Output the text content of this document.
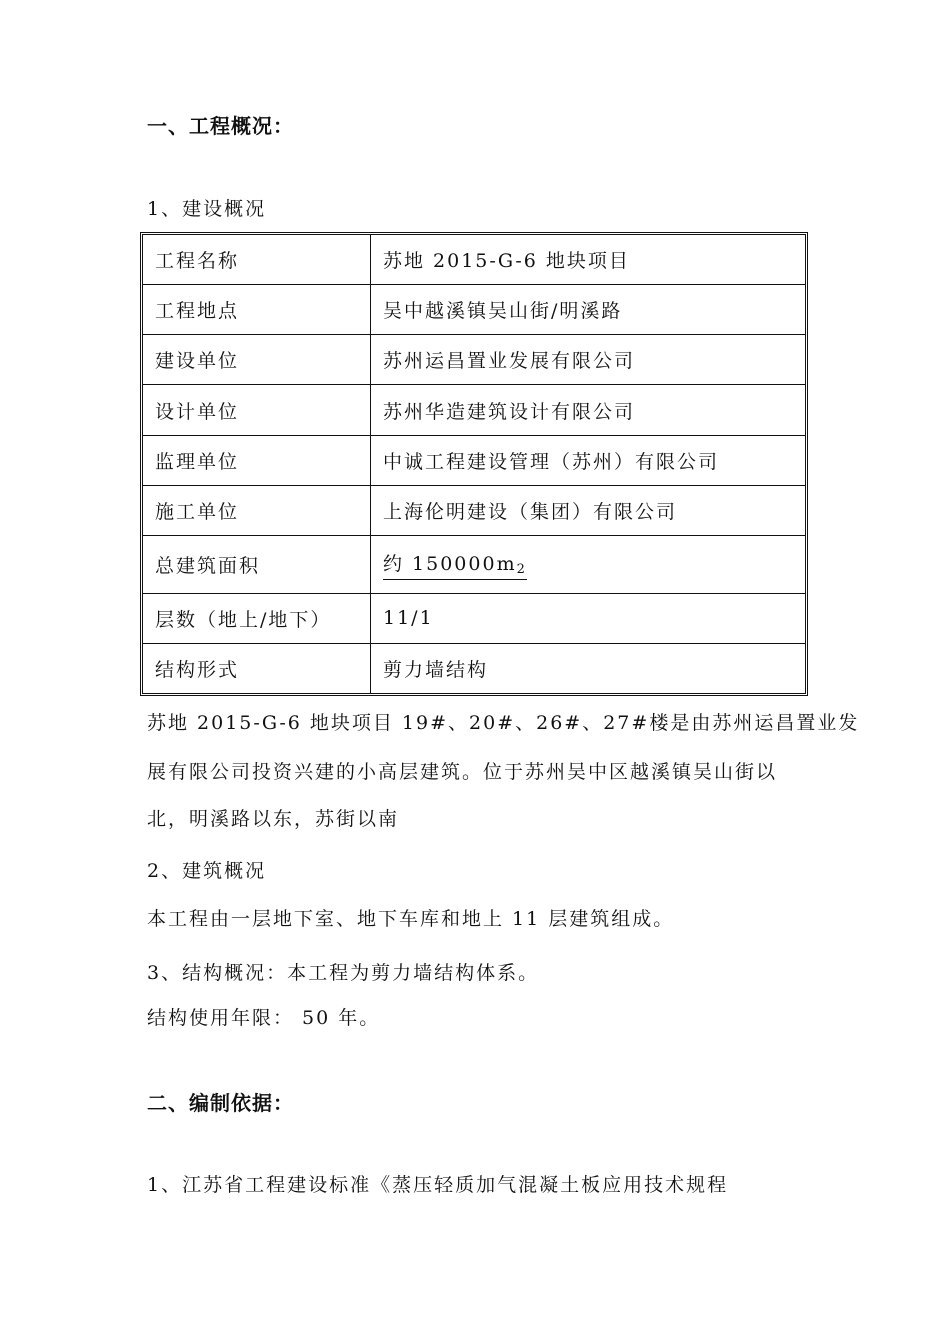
一、工程概况：
1、建设概况
工程名称	苏地 2015-G-6 地块项目
工程地点	吴中越溪镇吴山街/明溪路
建设单位	苏州运昌置业发展有限公司
设计单位	苏州华造建筑设计有限公司
监理单位	中诚工程建设管理（苏州）有限公司
施工单位	上海伦明建设（集团）有限公司
总建筑面积	约 $150000m_2$
层数（地上/地下）	11/1
结构形式	剪力墙结构
苏地 2015-G-6 地块项目 19#、20#、26#、27#楼是由苏州运昌置业发
展有限公司投资兴建的小高层建筑。位于苏州吴中区越溪镇吴山街以
北，明溪路以东，苏街以南
2、建筑概况
本工程由一层地下室、地下车库和地上 11 层建筑组成。
3、结构概况：本工程为剪力墙结构体系。
结构使用年限： 50 年。
二、编制依据：
1、江苏省工程建设标准《蒸压轻质加气混凝土板应用技术规程
